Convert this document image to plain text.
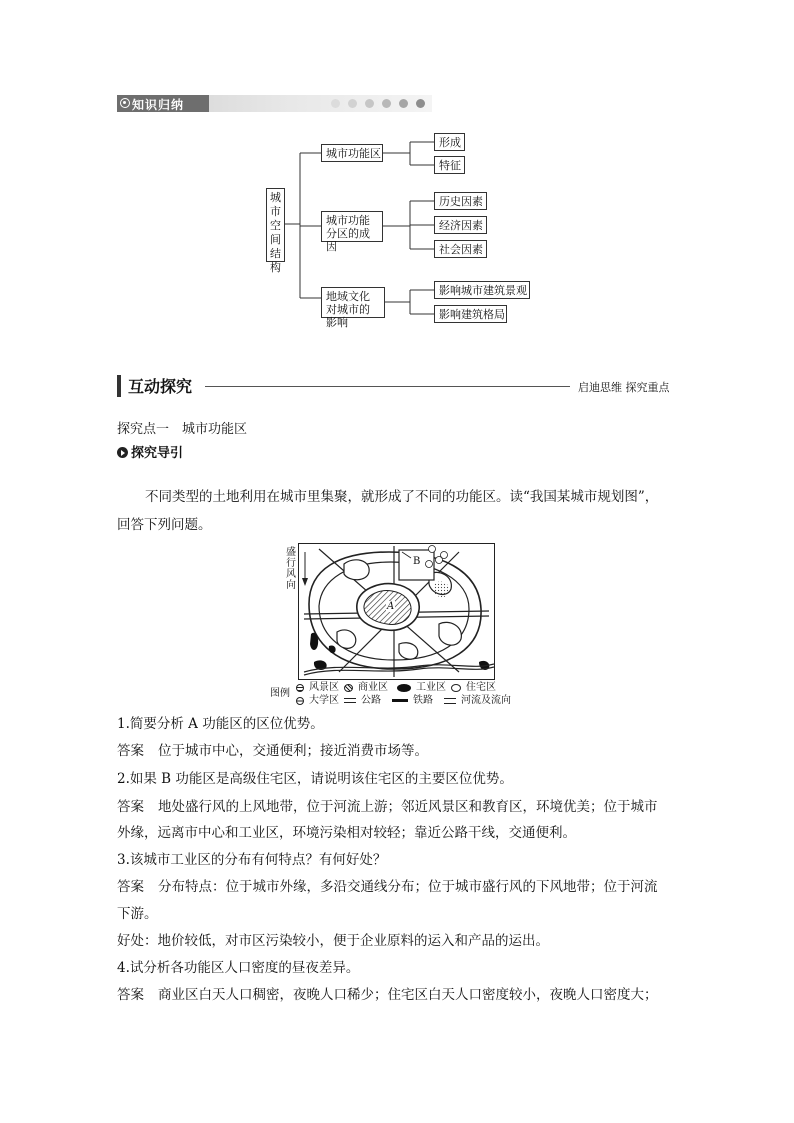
知识归纳
城市空间结构
城市功能区
城市功能分区的成因
地域文化对城市的影响
形成
特征
历史因素
经济因素
社会因素
影响城市建筑景观
影响建筑格局
互动探究	启迪思维 探究重点
探究点一　城市功能区
探究导引
不同类型的土地利用在城市里集聚，就形成了不同的功能区。读“我国某城市规划图”，
回答下列问题。
盛行风向
A
B
图例
风景区 商业区	工业区 住宅区
大学区 公路	铁路	河流及流向
1.简要分析 A 功能区的区位优势。
答案 位于城市中心，交通便利；接近消费市场等。
2.如果 B 功能区是高级住宅区，请说明该住宅区的主要区位优势。
答案 地处盛行风的上风地带，位于河流上游；邻近风景区和教育区，环境优美；位于城市
外缘，远离市中心和工业区，环境污染相对较轻；靠近公路干线，交通便利。
3.该城市工业区的分布有何特点？有何好处？
答案 分布特点：位于城市外缘，多沿交通线分布；位于城市盛行风的下风地带；位于河流
下游。
好处：地价较低，对市区污染较小，便于企业原料的运入和产品的运出。
4.试分析各功能区人口密度的昼夜差异。
答案 商业区白天人口稠密，夜晚人口稀少；住宅区白天人口密度较小，夜晚人口密度大；
